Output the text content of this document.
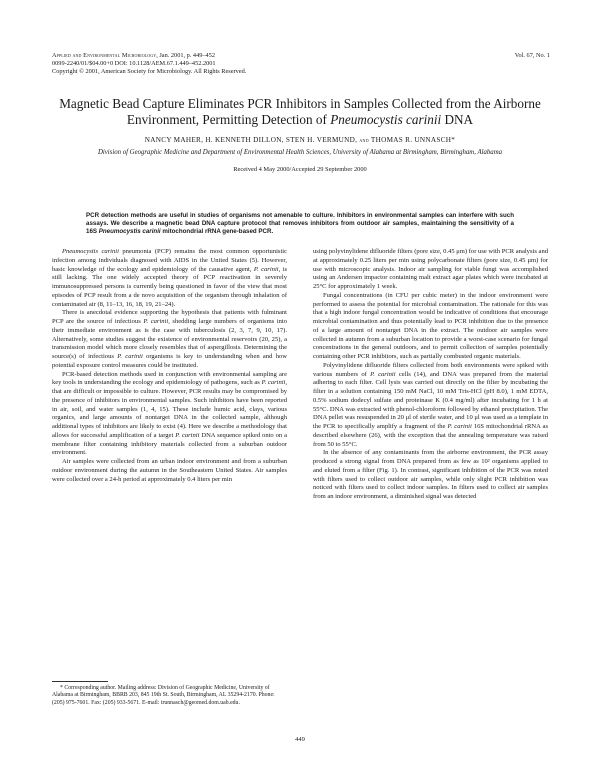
Applied and Environmental Microbiology, Jan. 2001, p. 449–452
0099-2240/01/$04.00+0 DOI: 10.1128/AEM.67.1.449–452.2001
Copyright © 2001, American Society for Microbiology. All Rights Reserved.
Vol. 67, No. 1
Magnetic Bead Capture Eliminates PCR Inhibitors in Samples Collected from the Airborne Environment, Permitting Detection of Pneumocystis carinii DNA
NANCY MAHER, H. KENNETH DILLON, STEN H. VERMUND, and THOMAS R. UNNASCH*
Division of Geographic Medicine and Department of Environmental Health Sciences, University of Alabama at Birmingham, Birmingham, Alabama
Received 4 May 2000/Accepted 29 September 2000
PCR detection methods are useful in studies of organisms not amenable to culture. Inhibitors in environmental samples can interfere with such assays. We describe a magnetic bead DNA capture protocol that removes inhibitors from outdoor air samples, maintaining the sensitivity of a 16S Pneumocystis carinii mitochondrial rRNA gene-based PCR.

Pneumocystis carinii pneumonia (PCP) remains the most common opportunistic infection among individuals diagnosed with AIDS in the United States (5). However, basic knowledge of the ecology and epidemiology of the causative agent, P. carinii, is still lacking. The one widely accepted theory of PCP reactivation in severely immunosuppressed persons is currently being questioned in favor of the view that most episodes of PCP result from a de novo acquisition of the organism through inhalation of contaminated air (8, 11–13, 16, 18, 19, 21–24).

There is anecdotal evidence supporting the hypothesis that patients with fulminant PCP are the source of infectious P. carinii, shedding large numbers of organisms into their immediate environment as is the case with tuberculosis (2, 3, 7, 9, 10, 17). Alternatively, some studies suggest the existence of environmental reservoirs (20, 25), a transmission model which more closely resembles that of aspergillosis. Determining the source(s) of infectious P. carinii organisms is key to understanding when and how potential exposure control measures could be instituted.

PCR-based detection methods used in conjunction with environmental sampling are key tools in understanding the ecology and epidemiology of pathogens, such as P. carinii, that are difficult or impossible to culture. However, PCR results may be compromised by the presence of inhibitors in environmental samples. Such inhibitors have been reported in air, soil, and water samples (1, 4, 15). These include humic acid, clays, various organics, and large amounts of nontarget DNA in the collected sample, although additional types of inhibitors are likely to exist (4). Here we describe a methodology that allows for successful amplification of a target P. carinii DNA sequence spiked onto on a membrane filter containing inhibitory materials collected from a suburban outdoor environment.

Air samples were collected from an urban indoor environment and from a suburban outdoor environment during the autumn in the Southeastern United States. Air samples were collected over a 24-h period at approximately 0.4 liters per min

using polyvinylidene difluoride filters (pore size, 0.45 μm) for use with PCR analysis and at approximately 0.25 liters per min using polycarbonate filters (pore size, 0.45 μm) for use with microscopic analysis. Indoor air sampling for viable fungi was accomplished using an Andersen impactor containing malt extract agar plates which were incubated at 25°C for approximately 1 week.

Fungal concentrations (in CFU per cubic meter) in the indoor environment were performed to assess the potential for microbial contamination. The rationale for this was that a high indoor fungal concentration would be indicative of conditions that encourage microbial contamination and thus potentially lead to PCR inhibition due to the presence of a large amount of nontarget DNA in the extract. The outdoor air samples were collected in autumn from a suburban location to provide a worst-case scenario for fungal concentrations in the general outdoors, and to permit collection of samples potentially containing other PCR inhibitors, such as partially combusted organic materials.

Polyvinylidene difluoride filters collected from both environments were spiked with various numbers of P. carinii cells (14), and DNA was prepared from the material adhering to each filter. Cell lysis was carried out directly on the filter by incubating the filter in a solution containing 150 mM NaCl, 10 mM Tris-HCl (pH 8.0), 1 mM EDTA, 0.5% sodium dodecyl sulfate and proteinase K (0.4 mg/ml) after incubating for 1 h at 55°C. DNA was extracted with phenol-chloroform followed by ethanol precipitation. The DNA pellet was resuspended in 20 μl of sterile water, and 10 μl was used as a template in the PCR to specifically amplify a fragment of the P. carinii 16S mitochondrial rRNA as described elsewhere (26), with the exception that the annealing temperature was raised from 50 to 55°C.

In the absence of any contaminants from the airborne environment, the PCR assay produced a strong signal from DNA prepared from as few as 10² organisms applied to and eluted from a filter (Fig. 1). In contrast, significant inhibition of the PCR was noted with filters used to collect outdoor air samples, while only slight PCR inhibition was noticed with filters used to collect indoor samples. In filters used to collect air samples from an indoor environment, a diminished signal was detected

* Corresponding author. Mailing address: Division of Geographic Medicine, University of Alabama at Birmingham, BBRB 203, 845 19th St. South, Birmingham, AL 35294-2170. Phone: (205) 975-7601. Fax: (205) 933-5671. E-mail: trunnasch@geomed.dom.uab.edu.
449
